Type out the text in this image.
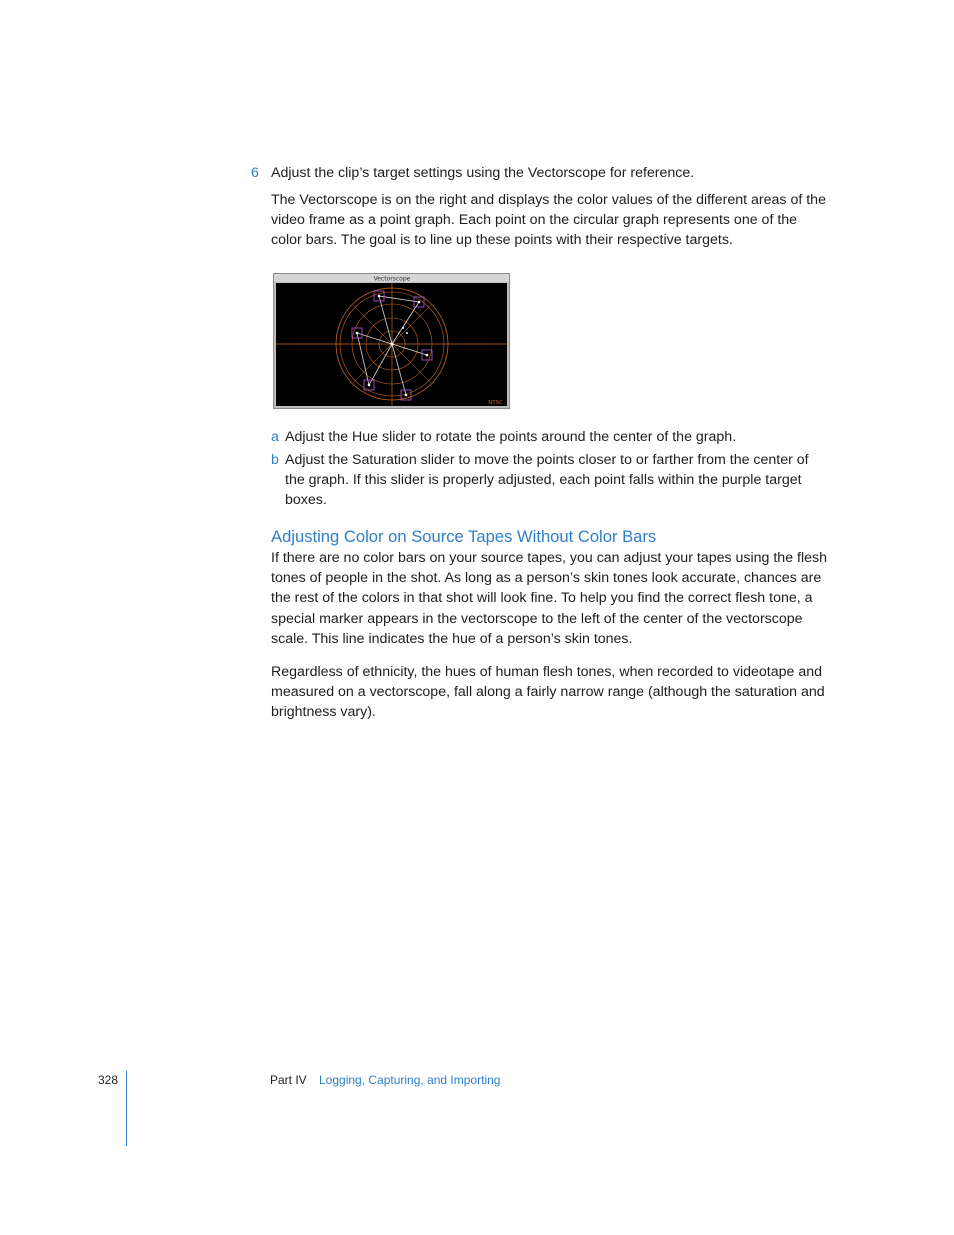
6 Adjust the clip’s target settings using the Vectorscope for reference.
The Vectorscope is on the right and displays the color values of the different areas of the video frame as a point graph. Each point on the circular graph represents one of the color bars. The goal is to line up these points with their respective targets.
Vectorscope
NTSC
a Adjust the Hue slider to rotate the points around the center of the graph.
b Adjust the Saturation slider to move the points closer to or farther from the center of the graph. If this slider is properly adjusted, each point falls within the purple target boxes.
Adjusting Color on Source Tapes Without Color Bars
If there are no color bars on your source tapes, you can adjust your tapes using the flesh tones of people in the shot. As long as a person’s skin tones look accurate, chances are the rest of the colors in that shot will look fine. To help you find the correct flesh tone, a special marker appears in the vectorscope to the left of the center of the vectorscope scale. This line indicates the hue of a person’s skin tones.
Regardless of ethnicity, the hues of human flesh tones, when recorded to videotape and measured on a vectorscope, fall along a fairly narrow range (although the saturation and brightness vary).
328	Part IV Logging, Capturing, and Importing
